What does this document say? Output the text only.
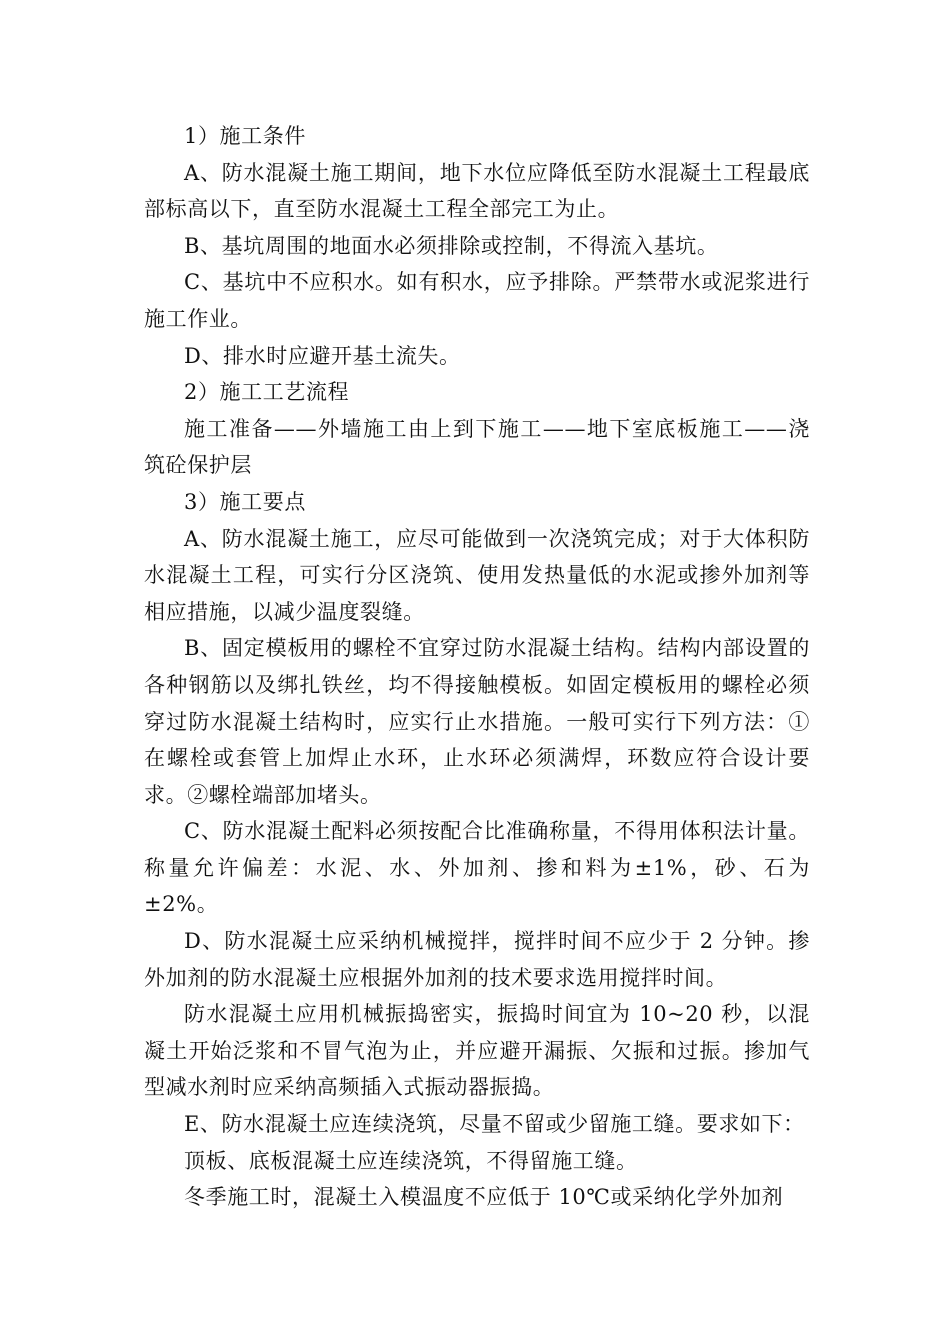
1）施工条件

A、防水混凝土施工期间，地下水位应降低至防水混凝土工程最底部标高以下，直至防水混凝土工程全部完工为止。

B、基坑周围的地面水必须排除或控制，不得流入基坑。

C、基坑中不应积水。如有积水，应予排除。严禁带水或泥浆进行施工作业。

D、排水时应避开基土流失。

2）施工工艺流程

施工准备——外墙施工由上到下施工——地下室底板施工——浇筑砼保护层

3）施工要点

A、防水混凝土施工，应尽可能做到一次浇筑完成；对于大体积防水混凝土工程，可实行分区浇筑、使用发热量低的水泥或掺外加剂等相应措施，以减少温度裂缝。

B、固定模板用的螺栓不宜穿过防水混凝土结构。结构内部设置的各种钢筋以及绑扎铁丝，均不得接触模板。如固定模板用的螺栓必须穿过防水混凝土结构时，应实行止水措施。一般可实行下列方法：①在螺栓或套管上加焊止水环，止水环必须满焊，环数应符合设计要求。②螺栓端部加堵头。

C、防水混凝土配料必须按配合比准确称量，不得用体积法计量。称量允许偏差：水泥、水、外加剂、掺和料为±1%，砂、石为±2%。

D、防水混凝土应采纳机械搅拌，搅拌时间不应少于 2 分钟。掺外加剂的防水混凝土应根据外加剂的技术要求选用搅拌时间。

防水混凝土应用机械振捣密实，振捣时间宜为 10~20 秒，以混凝土开始泛浆和不冒气泡为止，并应避开漏振、欠振和过振。掺加气型减水剂时应采纳高频插入式振动器振捣。

E、防水混凝土应连续浇筑，尽量不留或少留施工缝。要求如下：

顶板、底板混凝土应连续浇筑，不得留施工缝。

冬季施工时，混凝土入模温度不应低于 10℃或采纳化学外加剂
